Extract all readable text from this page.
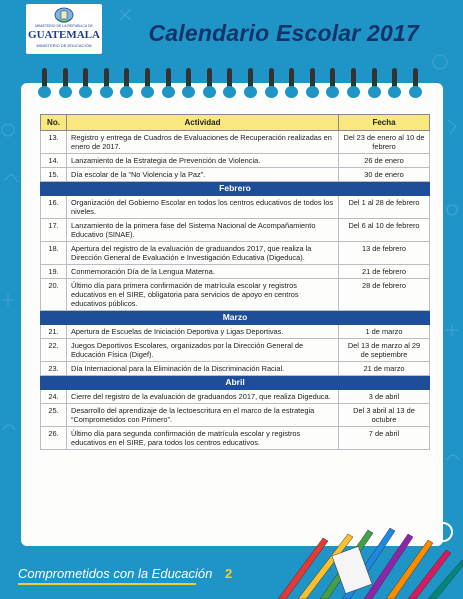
MINISTERIO DE LA REPUBLICA DE
GUATEMALA
MINISTERIO DE EDUCACIÓN	Calendario Escolar 2017
No.	Actividad	Fecha
13.	Registro y entrega de Cuadros de Evaluaciones de Recuperación realizadas en enero de 2017.	Del 23 de enero al 10 de febrero
14.	Lanzamiento de la Estrategia de Prevención de Violencia.	26 de enero
15.	Día escolar de la “No Violencia y la Paz”.	30 de enero
Febrero		
16.	Organización del Gobierno Escolar en todos los centros educativos de todos los niveles.	Del 1 al 28 de febrero
17.	Lanzamiento de la primera fase del Sistema Nacional de Acompañamiento Educativo (SINAE).	Del 6 al 10 de febrero
18.	Apertura del registro de la evaluación de graduandos 2017, que realiza la Dirección General de Evaluación e Investigación Educativa (Digeduca).	13 de febrero
19.	Conmemoración Día de la Lengua Materna.	21 de febrero
20.	Último día para primera confirmación de matrícula escolar y registros educativos en el SIRE, obligatoria para servicios de apoyo en centros educativos públicos.	28 de febrero
Marzo		
21.	Apertura de Escuelas de Iniciación Deportiva y Ligas Deportivas.	1 de marzo
22.	Juegos Deportivos Escolares, organizados por la Dirección General de Educación Física (Digef).	Del 13 de marzo al 29 de septiembre
23.	Día Internacional para la Eliminación de la Discriminación Racial.	21 de marzo
Abril		
24.	Cierre del registro de la evaluación de graduandos 2017, que realiza Digeduca.	3 de abril
25.	Desarrollo del aprendizaje de la lectoescritura en el marco de la estrategia “Comprometidos con Primero”.	Del 3 abril al 13 de octubre
26.	Último día para segunda confirmación de matrícula escolar y registros educativos en el SIRE, para todos los centros educativos.	7 de abril
Comprometidos con la Educación 2
